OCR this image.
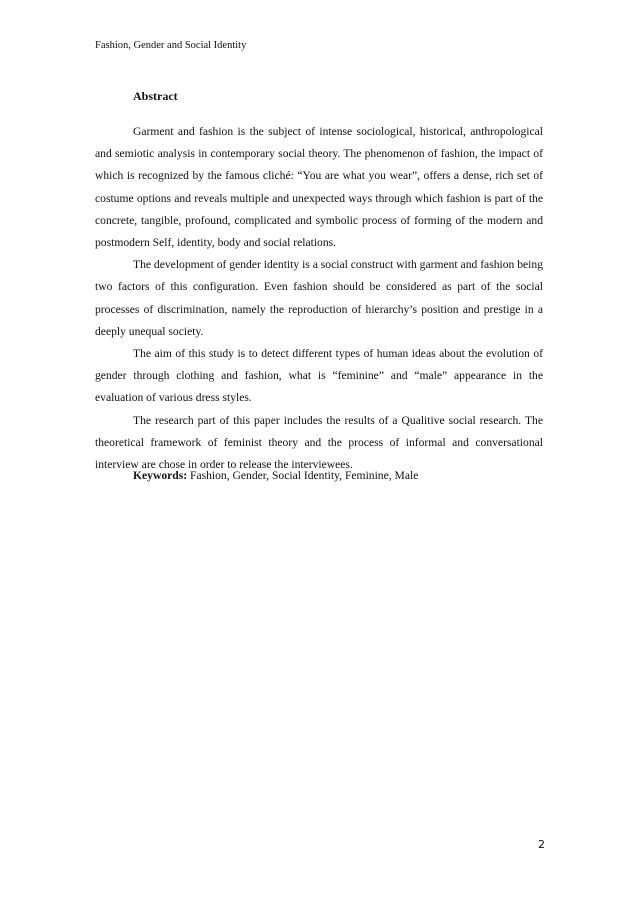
Fashion, Gender and Social Identity
Abstract

Garment and fashion is the subject of intense sociological, historical, anthropological and semiotic analysis in contemporary social theory. The phenomenon of fashion, the impact of which is recognized by the famous cliché: “You are what you wear”, offers a dense, rich set of costume options and reveals multiple and unexpected ways through which fashion is part of the concrete, tangible, profound, complicated and symbolic process of forming of the modern and postmodern Self, identity, body and social relations.

The development of gender identity is a social construct with garment and fashion being two factors of this configuration. Even fashion should be considered as part of the social processes of discrimination, namely the reproduction of hierarchy’s position and prestige in a deeply unequal society.

The aim of this study is to detect different types of human ideas about the evolution of gender through clothing and fashion, what is “feminine” and “male” appearance in the evaluation of various dress styles.

The research part of this paper includes the results of a Qualitive social research. The theoretical framework of feminist theory and the process of informal and conversational interview are chose in order to release the interviewees.

Keywords: Fashion, Gender, Social Identity, Feminine, Male
2
